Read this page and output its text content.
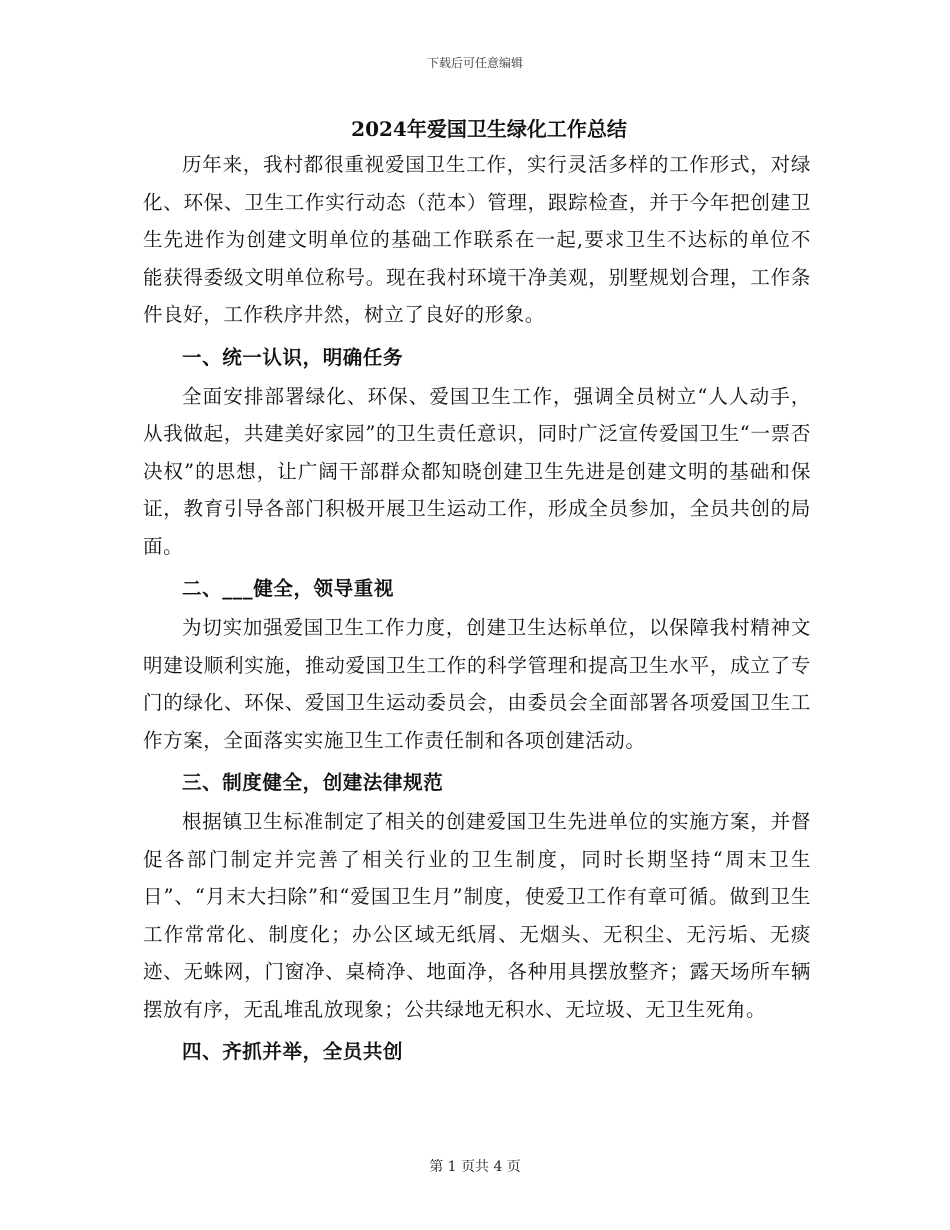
下载后可任意编辑
2024年爱国卫生绿化工作总结

历年来，我村都很重视爱国卫生工作，实行灵活多样的工作形式，对绿化、环保、卫生工作实行动态（范本）管理，跟踪检查，并于今年把创建卫生先进作为创建文明单位的基础工作联系在一起,要求卫生不达标的单位不能获得委级文明单位称号。现在我村环境干净美观，别墅规划合理，工作条件良好，工作秩序井然，树立了良好的形象。

一、统一认识，明确任务

全面安排部署绿化、环保、爱国卫生工作，强调全员树立“人人动手，从我做起，共建美好家园”的卫生责任意识，同时广泛宣传爱国卫生“一票否决权”的思想，让广阔干部群众都知晓创建卫生先进是创建文明的基础和保证，教育引导各部门积极开展卫生运动工作，形成全员参加，全员共创的局面。

二、___健全，领导重视

为切实加强爱国卫生工作力度，创建卫生达标单位，以保障我村精神文明建设顺利实施，推动爱国卫生工作的科学管理和提高卫生水平，成立了专门的绿化、环保、爱国卫生运动委员会，由委员会全面部署各项爱国卫生工作方案，全面落实实施卫生工作责任制和各项创建活动。

三、制度健全，创建法律规范

根据镇卫生标准制定了相关的创建爱国卫生先进单位的实施方案，并督促各部门制定并完善了相关行业的卫生制度，同时长期坚持“周末卫生日”、“月末大扫除”和“爱国卫生月”制度，使爱卫工作有章可循。做到卫生工作常常化、制度化；办公区域无纸屑、无烟头、无积尘、无污垢、无痰迹、无蛛网，门窗净、桌椅净、地面净，各种用具摆放整齐；露天场所车辆摆放有序，无乱堆乱放现象；公共绿地无积水、无垃圾、无卫生死角。

四、齐抓并举，全员共创
第 1 页共 4 页
